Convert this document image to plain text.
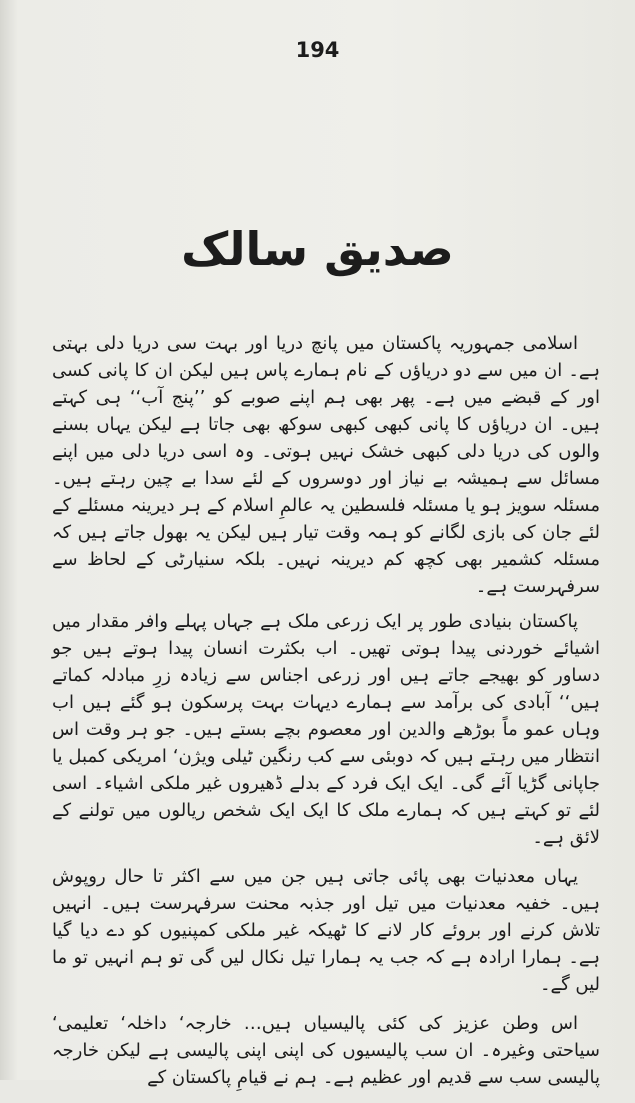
194
صدیق سالک

اسلامی جمہوریہ پاکستان میں پانچ دریا اور بہت سی دریا دلی بہتی ہے۔ ان میں سے دو دریاؤں کے نام ہمارے پاس ہیں لیکن ان کا پانی کسی اور کے قبضے میں ہے۔ پھر بھی ہم اپنے صوبے کو ’’پنج آب‘‘ ہی کہتے ہیں۔ ان دریاؤں کا پانی کبھی کبھی سوکھ بھی جاتا ہے لیکن یہاں بسنے والوں کی دریا دلی کبھی خشک نہیں ہوتی۔ وہ اسی دریا دلی میں اپنے مسائل سے ہمیشہ بے نیاز اور دوسروں کے لئے سدا بے چین رہتے ہیں۔ مسئلہ سویز ہو یا مسئلہ فلسطین یہ عالمِ اسلام کے ہر دیرینہ مسئلے کے لئے جان کی بازی لگانے کو ہمہ وقت تیار ہیں لیکن یہ بھول جاتے ہیں کہ مسئلہ کشمیر بھی کچھ کم دیرینہ نہیں۔ بلکہ سنیارٹی کے لحاظ سے سرفہرست ہے۔

پاکستان بنیادی طور پر ایک زرعی ملک ہے جہاں پہلے وافر مقدار میں اشیائے خوردنی پیدا ہوتی تھیں۔ اب بکثرت انسان پیدا ہوتے ہیں جو دساور کو بھیجے جاتے ہیں اور زرعی اجناس سے زیادہ زرِ مبادلہ کماتے ہیں‘‘ آبادی کی برآمد سے ہمارے دیہات بہت پرسکون ہو گئے ہیں اب وہاں عمو ماً بوڑھے والدین اور معصوم بچے بستے ہیں۔ جو ہر وقت اس انتظار میں رہتے ہیں کہ دوبئی سے کب رنگین ٹیلی ویژن‘ امریکی کمبل یا جاپانی گڑیا آئے گی۔ ایک ایک فرد کے بدلے ڈھیروں غیر ملکی اشیاء۔ اسی لئے تو کہتے ہیں کہ ہمارے ملک کا ایک ایک شخص ریالوں میں تولنے کے لائق ہے۔

یہاں معدنیات بھی پائی جاتی ہیں جن میں سے اکثر تا حال روپوش ہیں۔ خفیہ معدنیات میں تیل اور جذبہ محنت سرفہرست ہیں۔ انہیں تلاش کرنے اور بروئے کار لانے کا ٹھیکہ غیر ملکی کمپنیوں کو دے دیا گیا ہے۔ ہمارا ارادہ ہے کہ جب یہ ہمارا تیل نکال لیں گی تو ہم انہیں تو ما لیں گے۔

اس وطن عزیز کی کئی پالیسیاں ہیں… خارجہ‘ داخلہ‘ تعلیمی‘ سیاحتی وغیرہ۔ ان سب پالیسیوں کی اپنی اپنی پالیسی ہے لیکن خارجہ پالیسی سب سے قدیم اور عظیم ہے۔ ہم نے قیامِ پاکستان کے
